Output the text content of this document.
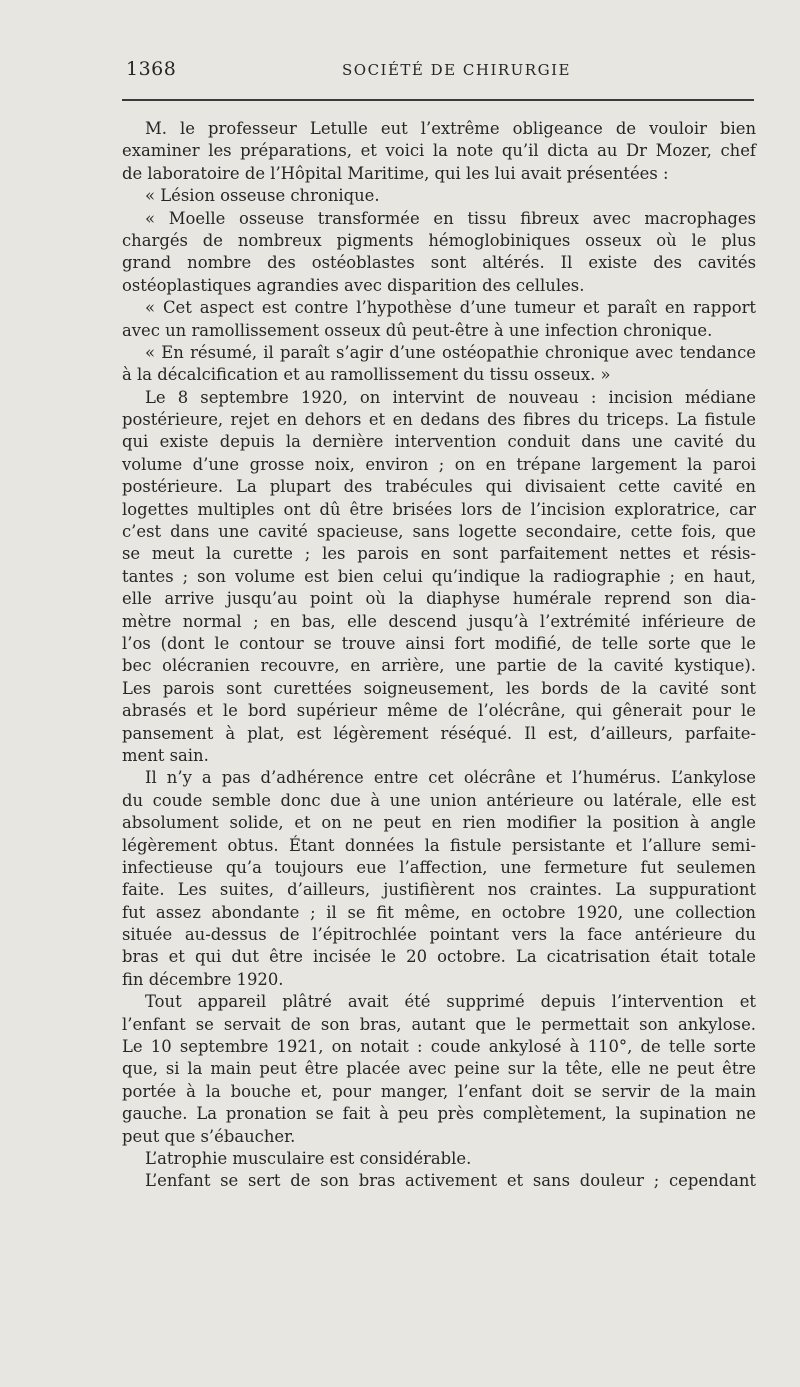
1368	SOCIÉTÉ DE CHIRURGIE
M. le professeur Letulle eut l’extrême obligeance de vouloir bien
examiner les préparations, et voici la note qu’il dicta au Dr Mozer, chef
de laboratoire de l’Hôpital Maritime, qui les lui avait présentées :
« Lésion osseuse chronique.
« Moelle osseuse transformée en tissu fibreux avec macrophages
chargés de nombreux pigments hémoglobiniques osseux où le plus
grand nombre des ostéoblastes sont altérés. Il existe des cavités
ostéoplastiques agrandies avec disparition des cellules.
« Cet aspect est contre l’hypothèse d’une tumeur et paraît en rapport
avec un ramollissement osseux dû peut-être à une infection chronique.
« En résumé, il paraît s’agir d’une ostéopathie chronique avec tendance
à la décalcification et au ramollissement du tissu osseux. »
Le 8 septembre 1920, on intervint de nouveau : incision médiane
postérieure, rejet en dehors et en dedans des fibres du triceps. La fistule
qui existe depuis la dernière intervention conduit dans une cavité du
volume d’une grosse noix, environ ; on en trépane largement la paroi
postérieure. La plupart des trabécules qui divisaient cette cavité en
logettes multiples ont dû être brisées lors de l’incision exploratrice, car
c’est dans une cavité spacieuse, sans logette secondaire, cette fois, que
se meut la curette ; les parois en sont parfaitement nettes et résis-
tantes ; son volume est bien celui qu’indique la radiographie ; en haut,
elle arrive jusqu’au point où la diaphyse humérale reprend son dia-
mètre normal ; en bas, elle descend jusqu’à l’extrémité inférieure de
l’os (dont le contour se trouve ainsi fort modifié, de telle sorte que le
bec olécranien recouvre, en arrière, une partie de la cavité kystique).
Les parois sont curettées soigneusement, les bords de la cavité sont
abrasés et le bord supérieur même de l’olécrâne, qui gênerait pour le
pansement à plat, est légèrement réséqué. Il est, d’ailleurs, parfaite-
ment sain.
Il n’y a pas d’adhérence entre cet olécrâne et l’humérus. L’ankylose
du coude semble donc due à une union antérieure ou latérale, elle est
absolument solide, et on ne peut en rien modifier la position à angle
légèrement obtus. Étant données la fistule persistante et l’allure semi-
infectieuse qu’a toujours eue l’affection, une fermeture fut seulemen
faite. Les suites, d’ailleurs, justifièrent nos craintes. La suppurationt
fut assez abondante ; il se fit même, en octobre 1920, une collection
située au-dessus de l’épitrochlée pointant vers la face antérieure du
bras et qui dut être incisée le 20 octobre. La cicatrisation était totale
fin décembre 1920.
Tout appareil plâtré avait été supprimé depuis l’intervention et
l’enfant se servait de son bras, autant que le permettait son ankylose.
Le 10 septembre 1921, on notait : coude ankylosé à 110°, de telle sorte
que, si la main peut être placée avec peine sur la tête, elle ne peut être
portée à la bouche et, pour manger, l’enfant doit se servir de la main
gauche. La pronation se fait à peu près complètement, la supination ne
peut que s’ébaucher.
L’atrophie musculaire est considérable.
L’enfant se sert de son bras activement et sans douleur ; cependant
